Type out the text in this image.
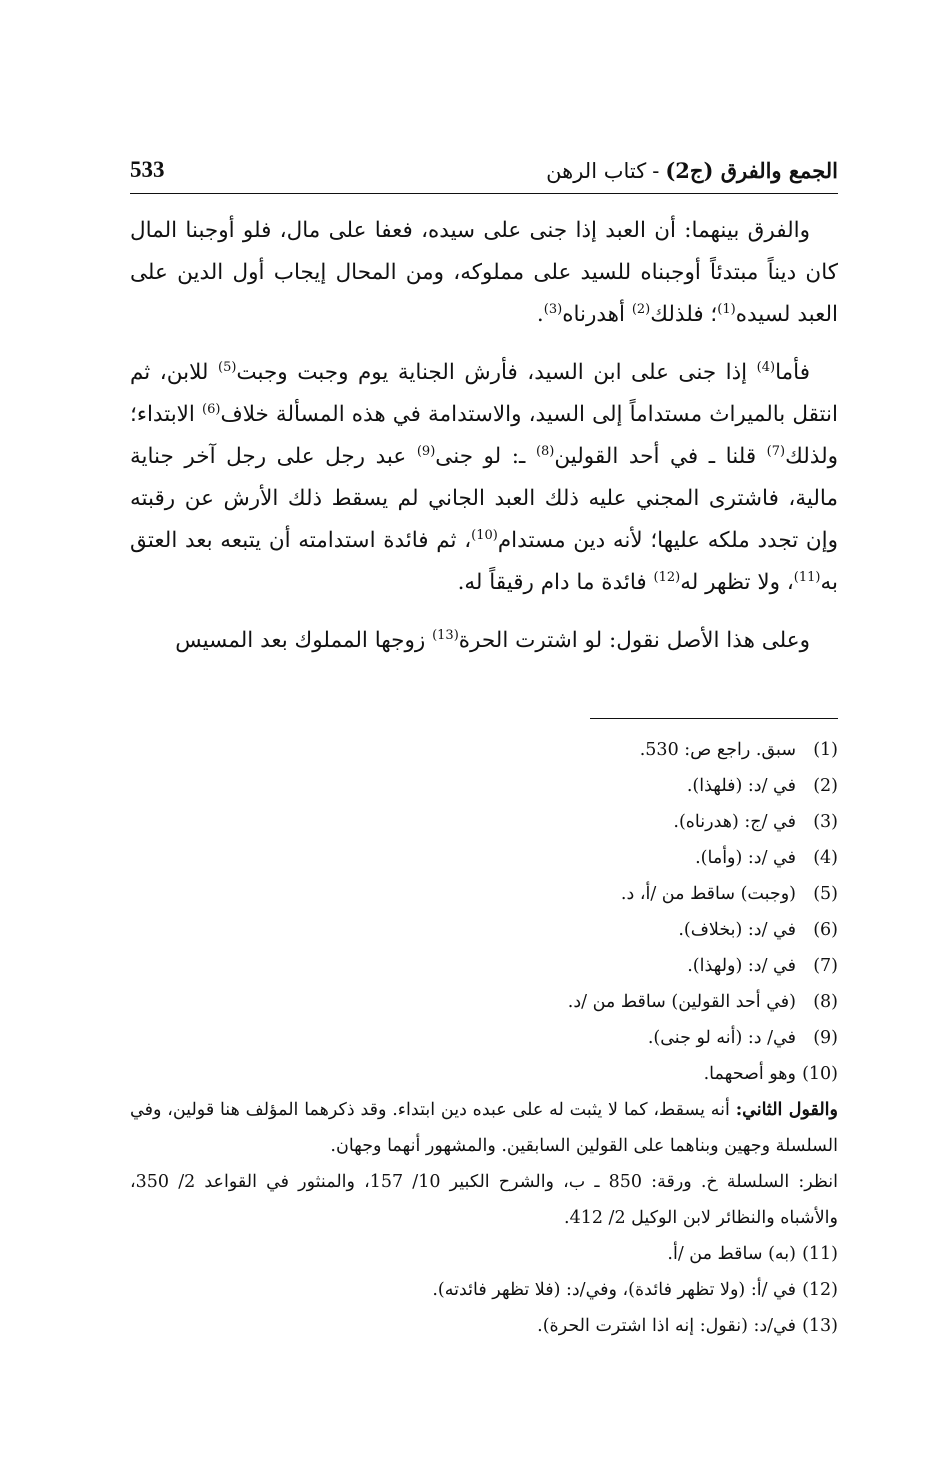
الجمع والفرق (ج2)-كتاب الرهن
533

والفرق بينهما: أن العبد إذا جنى على سيده، فعفا على مال، فلو أوجبنا المال كان ديناً مبتدئاً أوجبناه للسيد على مملوكه، ومن المحال إيجاب أول الدين على العبد لسيده$^{(1)}$؛ فلذلك$^{(2)}$ أهدرناه$^{(3)}$.

فأما$^{(4)}$ إذا جنى على ابن السيد، فأرش الجناية يوم وجبت وجبت$^{(5)}$ للابن، ثم انتقل بالميراث مستداماً إلى السيد، والاستدامة في هذه المسألة خلاف$^{(6)}$ الابتداء؛ ولذلك$^{(7)}$ قلنا ـ في أحد القولين$^{(8)}$ ـ: لو جنى$^{(9)}$ عبد رجل على رجل آخر جناية مالية، فاشترى المجني عليه ذلك العبد الجاني لم يسقط ذلك الأرش عن رقبته وإن تجدد ملكه عليها؛ لأنه دين مستدام$^{(10)}$، ثم فائدة استدامته أن يتبعه بعد العتق به$^{(11)}$، ولا تظهر له$^{(12)}$ فائدة ما دام رقيقاً له.

وعلى هذا الأصل نقول: لو اشترت الحرة$^{(13)}$ زوجها المملوك بعد المسيس

(1)
سبق. راجع ص: 530.
(2)
في /د: (فلهذا).
(3)
في /ج: (هدرناه).
(4)
في /د: (وأما).
(5)
(وجبت) ساقط من /أ، د.
(6)
في /د: (بخلاف).
(7)
في /د: (ولهذا).
(8)
(في أحد القولين) ساقط من /د.
(9)
في/ د: (أنه لو جنى).
(10)
وهو أصحهما.

والقول الثاني: أنه يسقط، كما لا يثبت له على عبده دين ابتداء. وقد ذكرهما المؤلف هنا قولين، وفي السلسلة وجهين وبناهما على القولين السابقين. والمشهور أنهما وجهان.

انظر: السلسلة خ. ورقة: 850 ـ ب، والشرح الكبير 10/ 157، والمنثور في القواعد 2/ 350، والأشباه والنظائر لابن الوكيل 2/ 412.

(11)
(به) ساقط من /أ.
(12)
في /أ: (ولا تظهر فائدة)، وفي/د: (فلا تظهر فائدته).
(13)
في/د: (نقول: إنه اذا اشترت الحرة).
